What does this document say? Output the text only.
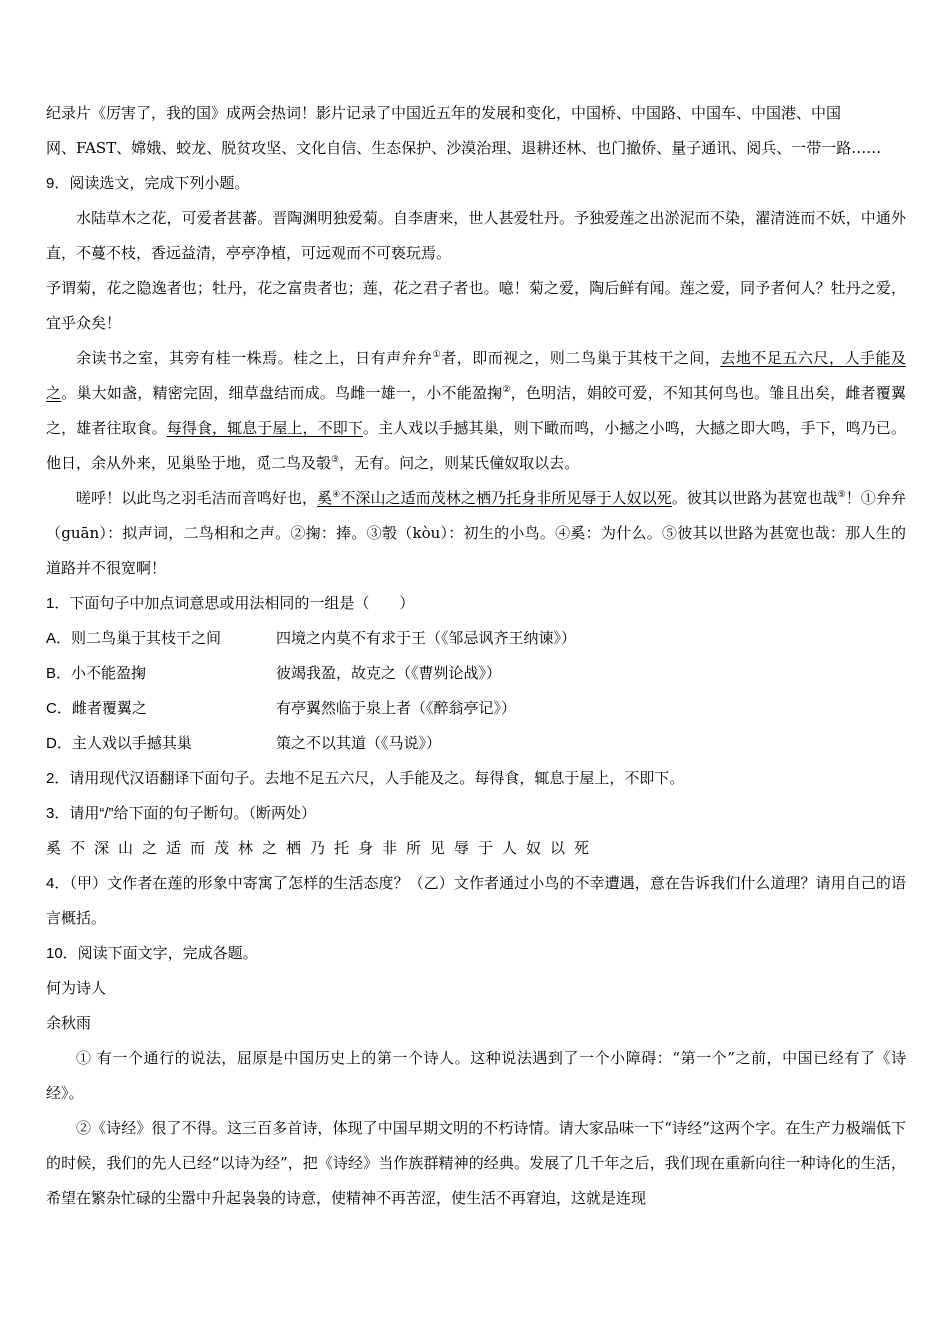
纪录片《厉害了，我的国》成两会热词！影片记录了中国近五年的发展和变化，中国桥、中国路、中国车、中国港、中国
网、FAST、嫦娥、蛟龙、脱贫攻坚、文化自信、生态保护、沙漠治理、退耕还林、也门撤侨、量子通讯、阅兵、一带一路……

9．阅读选文，完成下列小题。

水陆草木之花，可爱者甚蕃。晋陶渊明独爱菊。自李唐来，世人甚爱牡丹。予独爱莲之出淤泥而不染，濯清涟而不妖，中通外直，不蔓不枝，香远益清，亭亭净植，可远观而不可亵玩焉。

予谓菊，花之隐逸者也；牡丹，花之富贵者也；莲，花之君子者也。噫！菊之爱，陶后鲜有闻。莲之爱，同予者何人？牡丹之爱，宜乎众矣！

余读书之室，其旁有桂一株焉。桂之上，日有声弁弁①者，即而视之，则二鸟巢于其枝干之间，去地不足五六尺，人手能及之。巢大如盏，精密完固，细草盘结而成。鸟雌一雄一，小不能盈掬②，色明洁，娟皎可爱，不知其何鸟也。雏且出矣，雌者覆翼之，雄者往取食。每得食，辄息于屋上，不即下。主人戏以手撼其巢，则下瞰而鸣，小撼之小鸣，大撼之即大鸣，手下，鸣乃已。他日，余从外来，见巢坠于地，觅二鸟及彀③，无有。问之，则某氏僮奴取以去。

嗟呼！以此鸟之羽毛洁而音鸣好也，奚④不深山之适而茂林之栖乃托身非所见辱于人奴以死。彼其以世路为甚宽也哉⑤！①弁弁（guān）：拟声词，二鸟相和之声。②掬：捧。③彀（kòu）：初生的小鸟。④奚：为什么。⑤彼其以世路为甚宽也哉：那人生的道路并不很宽啊！

1．下面句子中加点词意思或用法相同的一组是（　　）

A．则二鸟巢于其枝干之间	四境之内莫不有求于王（《邹忌讽齐王纳谏》）
B．小不能盈掬	彼竭我盈，故克之（《曹刿论战》）
C．雌者覆翼之	有亭翼然临于泉上者（《醉翁亭记》）
D．主人戏以手撼其巢	策之不以其道（《马说》）

2．请用现代汉语翻译下面句子。去地不足五六尺，人手能及之。每得食，辄息于屋上，不即下。

3．请用“/”给下面的句子断句。（断两处）

奚不深山之适而茂林之栖乃托身非所见辱于人奴以死

4．（甲）文作者在莲的形象中寄寓了怎样的生活态度？（乙）文作者通过小鸟的不幸遭遇，意在告诉我们什么道理？请用自己的语言概括。

10．阅读下面文字，完成各题。

何为诗人

余秋雨

① 有一个通行的说法，屈原是中国历史上的第一个诗人。这种说法遇到了一个小障碍：“第一个”之前，中国已经有了《诗经》。

②《诗经》很了不得。这三百多首诗，体现了中国早期文明的不朽诗情。请大家品味一下“诗经”这两个字。在生产力极端低下的时候，我们的先人已经“以诗为经”，把《诗经》当作族群精神的经典。发展了几千年之后，我们现在重新向往一种诗化的生活，希望在繁杂忙碌的尘嚣中升起袅袅的诗意，使精神不再苦涩，使生活不再窘迫，这就是连现
